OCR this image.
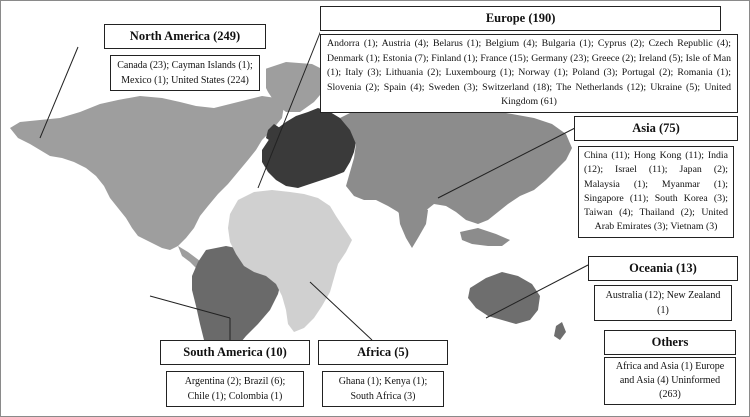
North America (249)
Canada (23); Cayman Islands (1); Mexico (1); United States (224)
Europe (190)
Andorra (1); Austria (4); Belarus (1); Belgium (4); Bulgaria (1); Cyprus (2); Czech Republic (4); Denmark (1); Estonia (7); Finland (1); France (15); Germany (23); Greece (2); Ireland (5); Isle of Man (1); Italy (3); Lithuania (2); Luxembourg (1); Norway (1); Poland (3); Portugal (2); Romania (1); Slovenia (2); Spain (4); Sweden (3); Switzerland (18); The Netherlands (12); Ukraine (5); United Kingdom (61)
Asia (75)
China (11); Hong Kong (11); India (12); Israel (11); Japan (2); Malaysia (1); Myanmar (1); Singapore (11); South Korea (3); Taiwan (4); Thailand (2); United Arab Emirates (3); Vietnam (3)
Oceania (13)
Australia (12); New Zealand (1)
Others
Africa and Asia (1) Europe and Asia (4) Uninformed (263)
South America (10)
Argentina (2); Brazil (6); Chile (1); Colombia (1)
Africa (5)
Ghana (1); Kenya (1); South Africa (3)
